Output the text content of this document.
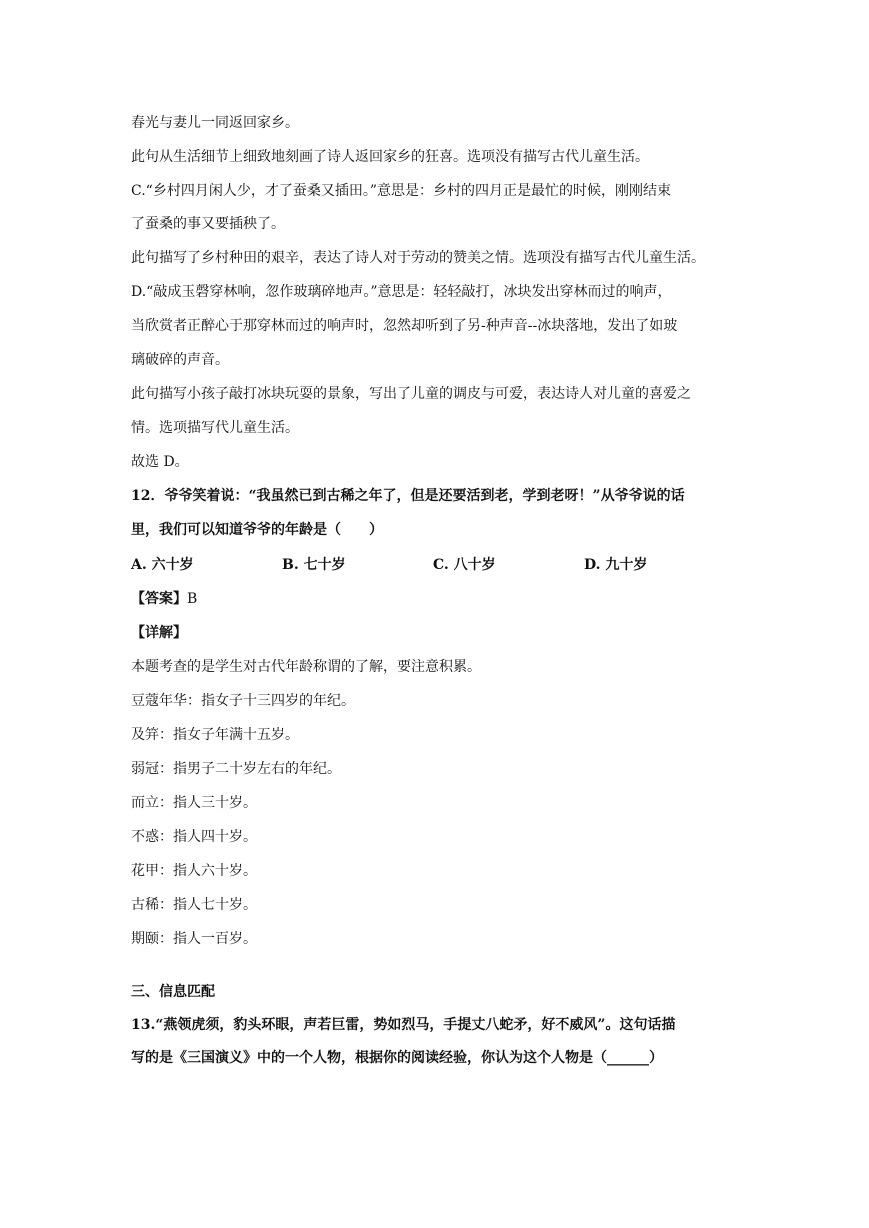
春光与妻儿一同返回家乡。
此句从生活细节上细致地刻画了诗人返回家乡的狂喜。选项没有描写古代儿童生活。
C.“乡村四月闲人少，才了蚕桑又插田。”意思是：乡村的四月正是最忙的时候，刚刚结束
了蚕桑的事又要插秧了。
此句描写了乡村种田的艰辛，表达了诗人对于劳动的赞美之情。选项没有描写古代儿童生活。
D.“敲成玉磬穿林响，忽作玻璃碎地声。”意思是：轻轻敲打，冰块发出穿林而过的响声，
当欣赏者正醉心于那穿林而过的响声时，忽然却听到了另-种声音--冰块落地，发出了如玻
璃破碎的声音。
此句描写小孩子敲打冰块玩耍的景象，写出了儿童的调皮与可爱，表达诗人对儿童的喜爱之
情。选项描写代儿童生活。
故选 D。
12．爷爷笑着说：“我虽然已到古稀之年了，但是还要活到老，学到老呀！”从爷爷说的话
里，我们可以知道爷爷的年龄是（　　）
A. 六十岁	B. 七十岁	C. 八十岁	D. 九十岁
【答案】B
【详解】
本题考查的是学生对古代年龄称谓的了解，要注意积累。
豆蔻年华：指女子十三四岁的年纪。
及笄：指女子年满十五岁。
弱冠：指男子二十岁左右的年纪。
而立：指人三十岁。
不惑：指人四十岁。
花甲：指人六十岁。
古稀：指人七十岁。
期颐：指人一百岁。
三、信息匹配
13.“燕领虎须，豹头环眼，声若巨雷，势如烈马，手提丈八蛇矛，好不威风”。这句话描
写的是《三国演义》中的一个人物，根据你的阅读经验，你认为这个人物是（______）
